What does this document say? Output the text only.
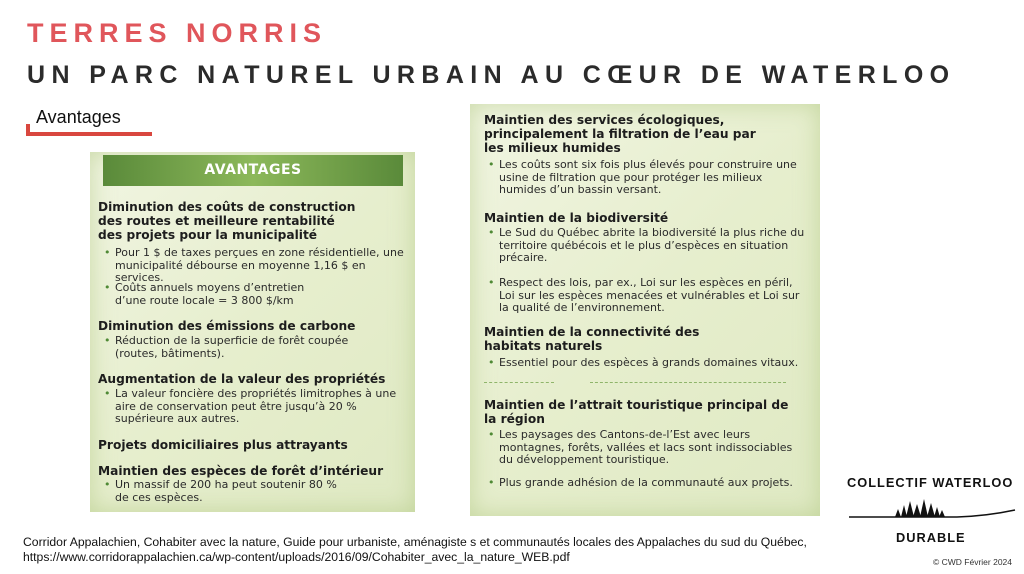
TERRES NORRIS
UN PARC NATUREL URBAIN AU CŒUR DE WATERLOO
Avantages
AVANTAGES
Diminution des coûts de construction des routes et meilleure rentabilité des projets pour la municipalité

• Pour 1 $ de taxes perçues en zone résidentielle, une municipalité débourse en moyenne 1,16 $ en services.

• Coûts annuels moyens d’entretien d’une route locale = 3 800 $/km

Diminution des émissions de carbone

• Réduction de la superficie de forêt coupée (routes, bâtiments).

Augmentation de la valeur des propriétés

• La valeur foncière des propriétés limitrophes à une aire de conservation peut être jusqu’à 20 % supérieure aux autres.

Projets domiciliaires plus attrayants
Maintien des espèces de forêt d’intérieur

• Un massif de 200 ha peut soutenir 80 % de ces espèces.

Maintien des services écologiques, principalement la filtration de l’eau par les milieux humides

• Les coûts sont six fois plus élevés pour construire une usine de filtration que pour protéger les milieux humides d’un bassin versant.

Maintien de la biodiversité

• Le Sud du Québec abrite la biodiversité la plus riche du territoire québécois et le plus d’espèces en situation précaire.

• Respect des lois, par ex., Loi sur les espèces en péril, Loi sur les espèces menacées et vulnérables et Loi sur la qualité de l’environnement.

Maintien de la connectivité des habitats naturels

• Essentiel pour des espèces à grands domaines vitaux.

Maintien de l’attrait touristique principal de la région

• Les paysages des Cantons-de-l’Est avec leurs montagnes, forêts, vallées et lacs sont indissociables du développement touristique.

• Plus grande adhésion de la communauté aux projets.

Corridor Appalachien, Cohabiter avec la nature, Guide pour urbaniste, aménagiste s et communautés locales des Appalaches du sud du Québec,
https://www.corridorappalachien.ca/wp-content/uploads/2016/09/Cohabiter_avec_la_nature_WEB.pdf
COLLECTIF WATERLOO
DURABLE
© CWD Février 2024
